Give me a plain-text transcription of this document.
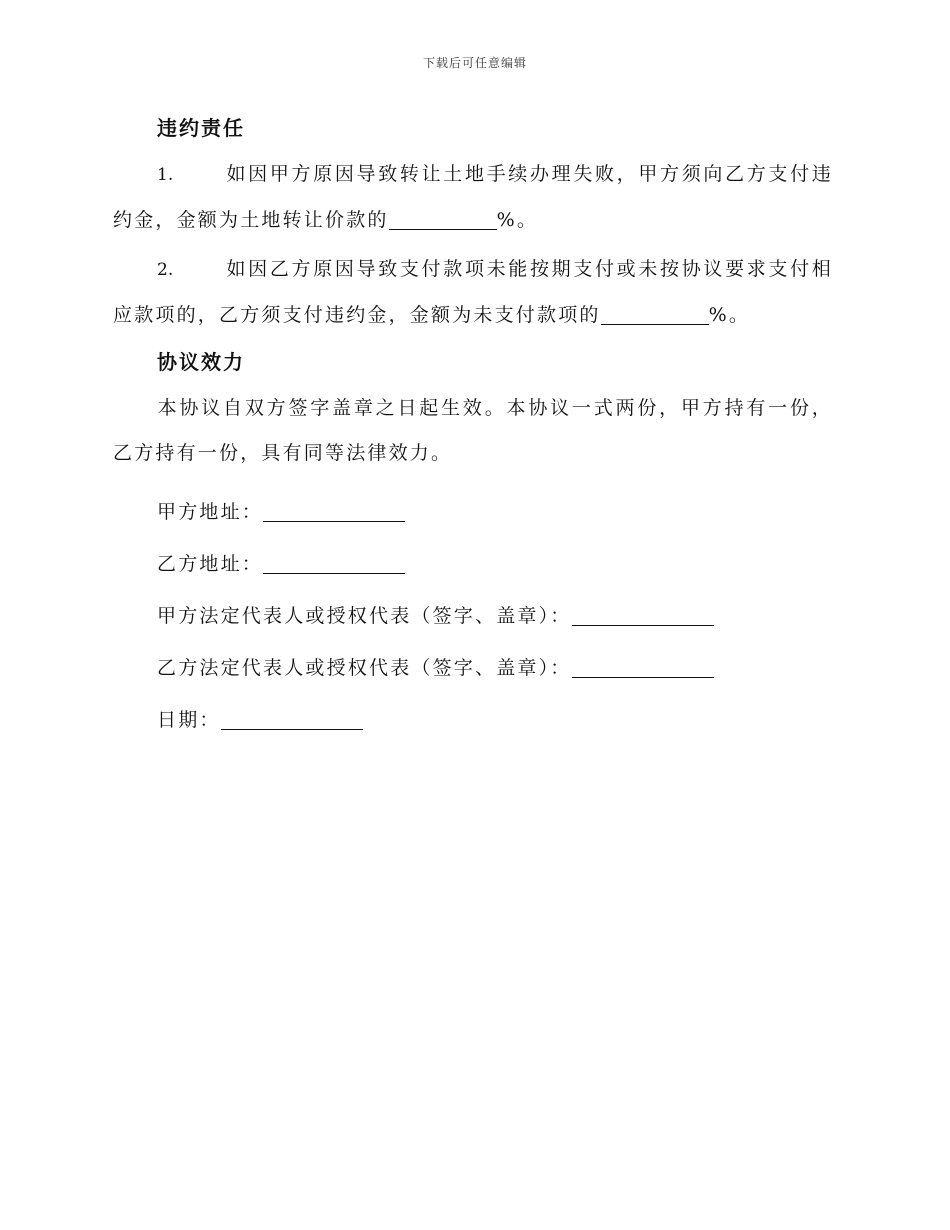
下载后可任意编辑

违约责任

1.	如因甲方原因导致转让土地手续办理失败，甲方须向乙方支付违约金，金额为土地转让价款的	%。

2.	如因乙方原因导致支付款项未能按期支付或未按协议要求支付相应款项的，乙方须支付违约金，金额为未支付款项的	%。

协议效力

本协议自双方签字盖章之日起生效。本协议一式两份，甲方持有一份，乙方持有一份，具有同等法律效力。

甲方地址：

乙方地址：

甲方法定代表人或授权代表（签字、盖章）：

乙方法定代表人或授权代表（签字、盖章）：

日期：
